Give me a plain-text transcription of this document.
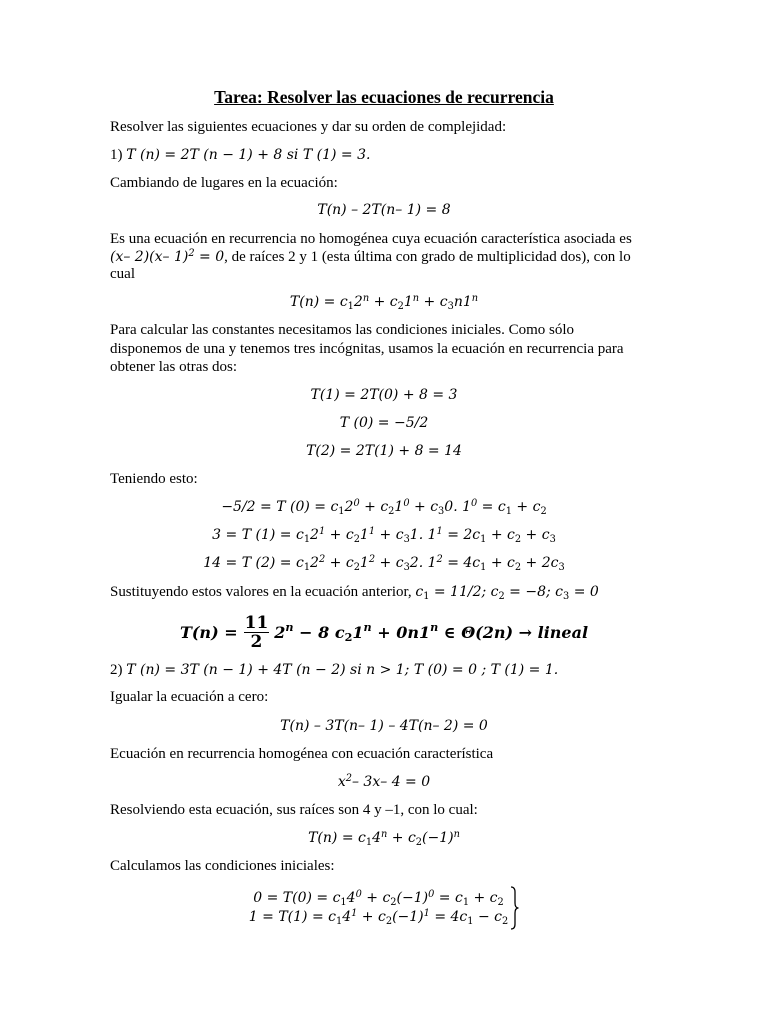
Tarea: Resolver las ecuaciones de recurrencia
Resolver las siguientes ecuaciones y dar su orden de complejidad:
1) T (n) = 2T (n − 1) + 8 si T (1) = 3.
Cambiando de lugares en la ecuación:
T(n) – 2T(n– 1) = 8
Es una ecuación en recurrencia no homogénea cuya ecuación característica asociada es
(x– 2)(x– 1)$^2$ = 0, de raíces 2 y 1 (esta última con grado de multiplicidad dos), con lo
cual
$T(n) = c_12^n + c_21^n + c_3n1^n$
Para calcular las constantes necesitamos las condiciones iniciales. Como sólo
disponemos de una y tenemos tres incógnitas, usamos la ecuación en recurrencia para
obtener las otras dos:
T(1) = 2T(0) + 8 = 3
T (0) = −5/2
T(2) = 2T(1) + 8 = 14
Teniendo esto:
−5/2 = T $(0) = c_12^0 + c_21^0 + c_30$. $1^0 = c_1 + c_2$
3 = T $(1) = c_12^1 + c_21^1 + c_31$. $1^1 = 2c_1 + c_2 + c_3$
14 = T $(2) = c_12^2 + c_21^2 + c_32$. $1^2 = 4c_1 + c_2 + 2c_3$
Sustituyendo estos valores en la ecuación anterior, $c_1 = 11/2$; $c_2 = -8$; $c_3 = 0$
$T(n) = \frac{11}{2} 2^n - 8$ $c_21^n + 0n1^n$ ∈ Θ(2n) → lineal
2) T (n) = 3T (n − 1) + 4T (n − 2) si n > 1; T (0) = 0 ; T (1) = 1.
Igualar la ecuación a cero:
T(n) – 3T(n– 1) – 4T(n– 2) = 0
Ecuación en recurrencia homogénea con ecuación característica
$x^2-$ 3x– 4 = 0
Resolviendo esta ecuación, sus raíces son 4 y –1, con lo cual:
$T(n) = c_14^n + c_2(-1)^n$
Calculamos las condiciones iniciales:
$0 = T(0) = c_14^0 + c_2(-1)^0 = c_1 + c_2$
$1 = T(1) = c_14^1 + c_2(-1)^1 = 4c_1 - c_2$
